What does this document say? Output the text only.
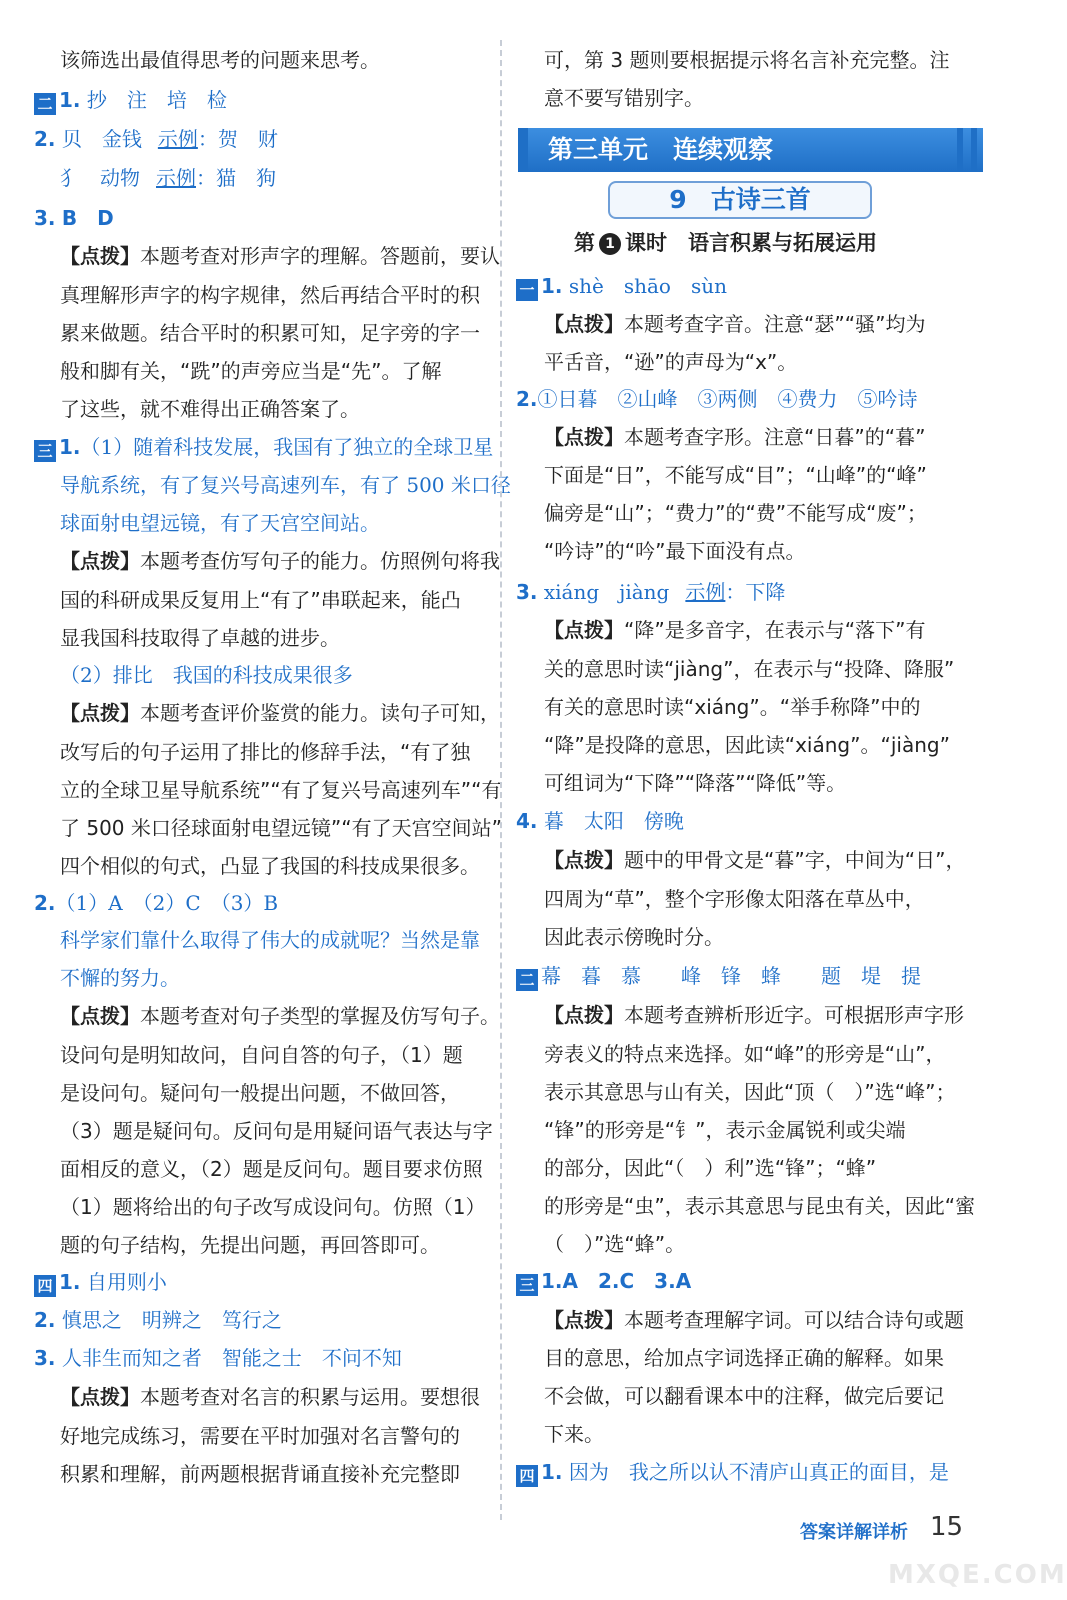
该筛选出最值得思考的问题来思考。
二 1. 抄　注　培　检
2. 贝　金钱 示例：贺　财
犭　动物 示例：猫　狗
3. B　D
【点拨】本题考查对形声字的理解。答题前，要认
真理解形声字的构字规律，然后再结合平时的积
累来做题。结合平时的积累可知，足字旁的字一
般和脚有关，“跣”的声旁应当是“先”。了解
了这些，就不难得出正确答案了。
三 1.（1）随着科技发展，我国有了独立的全球卫星
导航系统，有了复兴号高速列车，有了 500 米口径
球面射电望远镜，有了天宫空间站。
【点拨】本题考查仿写句子的能力。仿照例句将我
国的科研成果反复用上“有了”串联起来，能凸
显我国科技取得了卓越的进步。
（2）排比　我国的科技成果很多
【点拨】本题考查评价鉴赏的能力。读句子可知，
改写后的句子运用了排比的修辞手法，“有了独
立的全球卫星导航系统”“有了复兴号高速列车”“有
了 500 米口径球面射电望远镜”“有了天宫空间站”
四个相似的句式，凸显了我国的科技成果很多。
2.（1）A　（2）C　（3）B
科学家们靠什么取得了伟大的成就呢？当然是靠
不懈的努力。
【点拨】本题考查对句子类型的掌握及仿写句子。
设问句是明知故问，自问自答的句子，（1）题
是设问句。疑问句一般提出问题，不做回答，
（3）题是疑问句。反问句是用疑问语气表达与字
面相反的意义，（2）题是反问句。题目要求仿照
（1）题将给出的句子改写成设问句。仿照（1）
题的句子结构，先提出问题，再回答即可。
四 1. 自用则小
2. 慎思之　明辨之　笃行之
3. 人非生而知之者　智能之士　不问不知
【点拨】本题考查对名言的积累与运用。要想很
好地完成练习，需要在平时加强对名言警句的
积累和理解，前两题根据背诵直接补充完整即
可，第 3 题则要根据提示将名言补充完整。注
意不要写错别字。
第三单元　连续观察
9 古诗三首
第 1 课时　语言积累与拓展运用
一 1. shè　shāo　sùn
【点拨】本题考查字音。注意“瑟”“骚”均为
平舌音，“逊”的声母为“x”。
2.①日暮　②山峰　③两侧　④费力　⑤吟诗
【点拨】本题考查字形。注意“日暮”的“暮”
下面是“日”，不能写成“目”；“山峰”的“峰”
偏旁是“山”；“费力”的“费”不能写成“废”；
“吟诗”的“吟”最下面没有点。
3. xiáng　jiàng 示例：下降
【点拨】“降”是多音字，在表示与“落下”有
关的意思时读“jiàng”，在表示与“投降、降服”
有关的意思时读“xiáng”。“举手称降”中的
“降”是投降的意思，因此读“xiáng”。“jiàng”
可组词为“下降”“降落”“降低”等。
4. 暮　太阳　傍晚
【点拨】题中的甲骨文是“暮”字，中间为“日”，
四周为“草”，整个字形像太阳落在草丛中，
因此表示傍晚时分。
二 幕　暮　慕　　峰　锋　蜂　　题　堤　提
【点拨】本题考查辨析形近字。可根据形声字形
旁表义的特点来选择。如“峰”的形旁是“山”，
表示其意思与山有关，因此“顶（　）”选“峰”；
“锋”的形旁是“钅”，表示金属锐利或尖端
的部分，因此“（　）利”选“锋”；“蜂”
的形旁是“虫”，表示其意思与昆虫有关，因此“蜜
（　）”选“蜂”。
三 1.A　2.C　3.A
【点拨】本题考查理解字词。可以结合诗句或题
目的意思，给加点字词选择正确的解释。如果
不会做，可以翻看课本中的注释，做完后要记
下来。
四 1. 因为　我之所以认不清庐山真正的面目，是
答案详解详析 15
MXQE.COM
